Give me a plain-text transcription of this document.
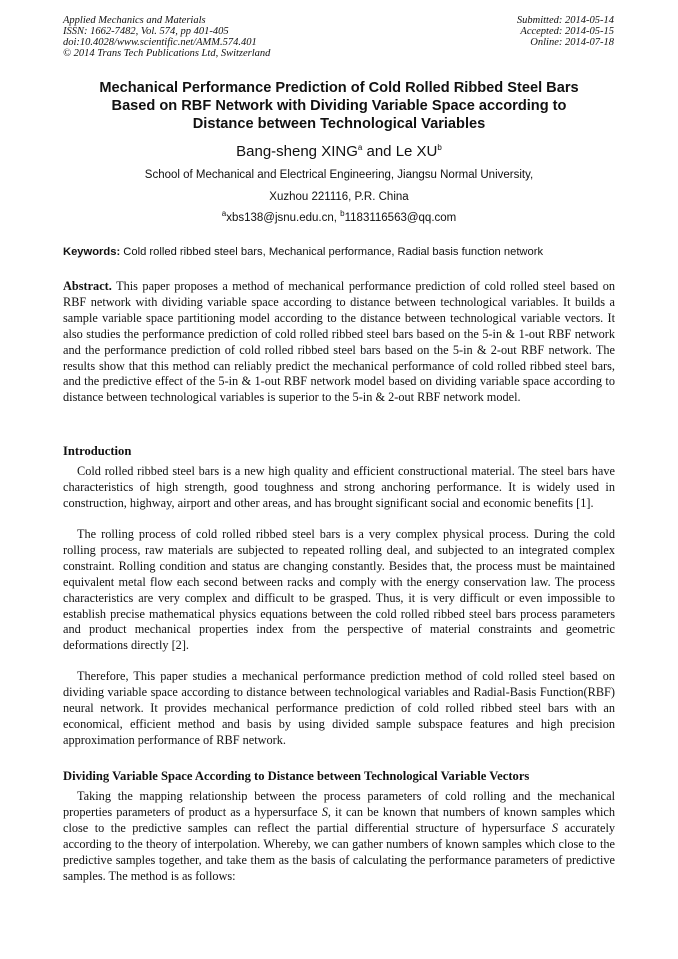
Applied Mechanics and Materials
ISSN: 1662-7482, Vol. 574, pp 401-405
doi:10.4028/www.scientific.net/AMM.574.401
© 2014 Trans Tech Publications Ltd, Switzerland
Submitted: 2014-05-14
Accepted: 2014-05-15
Online: 2014-07-18
Mechanical Performance Prediction of Cold Rolled Ribbed Steel Bars
Based on RBF Network with Dividing Variable Space according to
Distance between Technological Variables
Bang-sheng XING$^a$ and Le $XU^b$
School of Mechanical and Electrical Engineering, Jiangsu Normal University,
Xuzhou 221116, P.R. China
$^a$xbs138@jsnu.edu.cn, $^b$1183116563@qq.com
Keywords: Cold rolled ribbed steel bars, Mechanical performance, Radial basis function network

Abstract. This paper proposes a method of mechanical performance prediction of cold rolled steel based on RBF network with dividing variable space according to distance between technological variables. It builds a sample variable space partitioning model according to the distance between technological variable vectors. It also studies the performance prediction of cold rolled ribbed steel bars based on the 5-in & 1-out RBF network and the performance prediction of cold rolled ribbed steel bars based on the 5-in & 2-out RBF network. The results show that this method can reliably predict the mechanical performance of cold rolled ribbed steel bars, and the predictive effect of the 5-in & 1-out RBF network model based on dividing variable space according to distance between technological variables is superior to the 5-in & 2-out RBF network model.

Introduction

Cold rolled ribbed steel bars is a new high quality and efficient constructional material. The steel bars have characteristics of high strength, good toughness and strong anchoring performance. It is widely used in construction, highway, airport and other areas, and has brought significant social and economic benefits [1].

The rolling process of cold rolled ribbed steel bars is a very complex physical process. During the cold rolling process, raw materials are subjected to repeated rolling deal, and subjected to an integrated complex constraint. Rolling condition and status are changing constantly. Besides that, the process must be maintained equivalent metal flow each second between racks and comply with the energy conservation law. The process characteristics are very complex and difficult to be grasped. Thus, it is very difficult or even impossible to establish precise mathematical physics equations between the cold rolled ribbed steel bars process parameters and product mechanical properties index from the perspective of material constraints and geometric deformations directly [2].

Therefore, This paper studies a mechanical performance prediction method of cold rolled steel based on dividing variable space according to distance between technological variables and Radial-Basis Function(RBF) neural network. It provides mechanical performance prediction of cold rolled ribbed steel bars with an economical, efficient method and basis by using divided sample subspace features and high precision approximation performance of RBF network.

Dividing Variable Space According to Distance between Technological Variable Vectors

Taking the mapping relationship between the process parameters of cold rolling and the mechanical properties parameters of product as a hypersurface S, it can be known that numbers of known samples which close to the predictive samples can reflect the partial differential structure of hypersurface S accurately according to the theory of interpolation. Whereby, we can gather numbers of known samples which close to the predictive samples together, and take them as the basis of calculating the performance parameters of predictive samples. The method is as follows:
